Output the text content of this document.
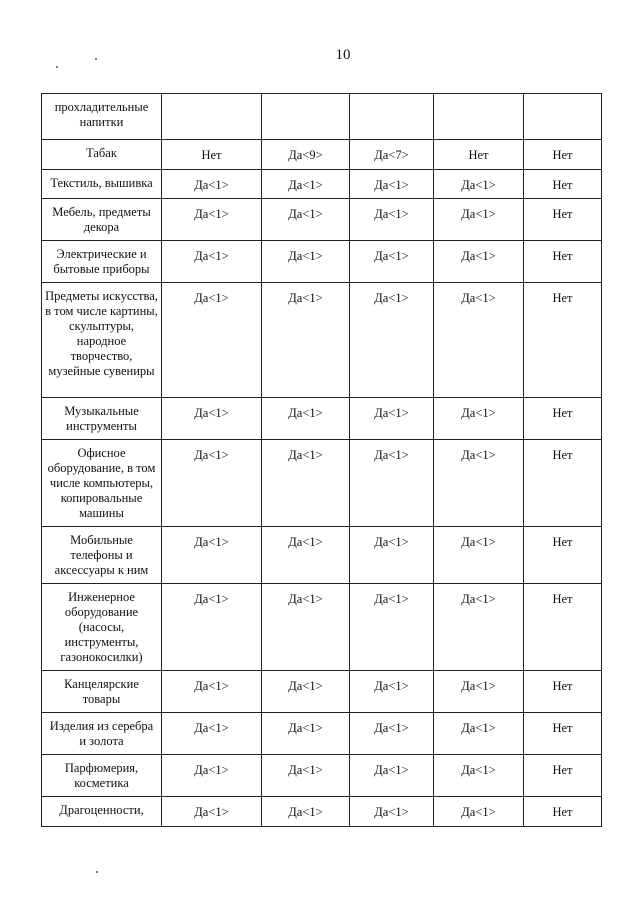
10
прохладительные напитки					
Табак	Нет	Да<9>	Да<7>	Нет	Нет
Текстиль, вышивка	Да<1>	Да<1>	Да<1>	Да<1>	Нет
Мебель, предметы декора	Да<1>	Да<1>	Да<1>	Да<1>	Нет
Электрические и бытовые приборы	Да<1>	Да<1>	Да<1>	Да<1>	Нет
Предметы искусства, в том числе картины, скульптуры, народное творчество, музейные сувениры	Да<1>	Да<1>	Да<1>	Да<1>	Нет
Музыкальные инструменты	Да<1>	Да<1>	Да<1>	Да<1>	Нет
Офисное оборудование, в том числе компьютеры, копировальные машины	Да<1>	Да<1>	Да<1>	Да<1>	Нет
Мобильные телефоны и аксессуары к ним	Да<1>	Да<1>	Да<1>	Да<1>	Нет
Инженерное оборудование (насосы, инструменты, газонокосилки)	Да<1>	Да<1>	Да<1>	Да<1>	Нет
Канцелярские товары	Да<1>	Да<1>	Да<1>	Да<1>	Нет
Изделия из серебра и золота	Да<1>	Да<1>	Да<1>	Да<1>	Нет
Парфюмерия, косметика	Да<1>	Да<1>	Да<1>	Да<1>	Нет
Драгоценности,	Да<1>	Да<1>	Да<1>	Да<1>	Нет
